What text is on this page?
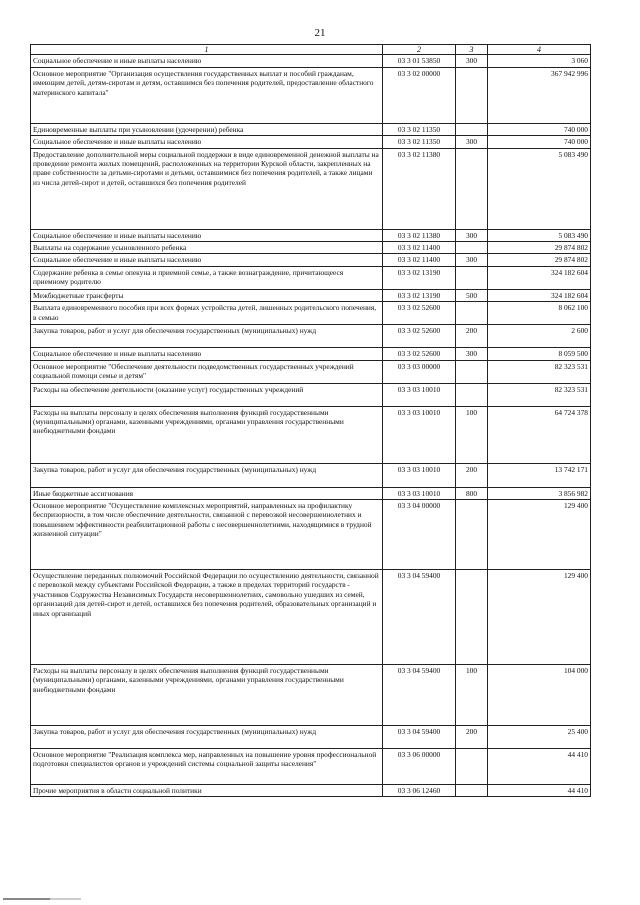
21
1	2	3	4
Социальное обеспечение и иные выплаты населению	03 3 01 53850	300	3 060
Основное мероприятие "Организация осуществления государственных выплат и пособий гражданам, имеющим детей, детям-сиротам и детям, оставшимся без попечения родителей, предоставление областного материнского капитала"	03 3 02 00000		367 942 996
Единовременные выплаты при усыновлении (удочерении) ребенка	03 3 02 11350		740 000
Социальное обеспечение и иные выплаты населению	03 3 02 11350	300	740 000
Предоставление дополнительной меры социальной поддержки в виде единовременной денежной выплаты на проведение ремонта жилых помещений, расположенных на территории Курской области, закрепленных на праве собственности за детьми-сиротами и детьми, оставшимися без попечения родителей, а также лицами из числа детей-сирот и детей, оставшихся без попечения родителей	03 3 02 11380		5 083 490
Социальное обеспечение и иные выплаты населению	03 3 02 11380	300	5 083 490
Выплаты на содержание усыновленного ребенка	03 3 02 11400		29 874 802
Социальное обеспечение и иные выплаты населению	03 3 02 11400	300	29 874 802
Содержание ребенка в семье опекуна и приемной семье, а также вознаграждение, причитающееся приемному родителю	03 3 02 13190		324 182 604
Межбюджетные трансферты	03 3 02 13190	500	324 182 604
Выплата единовременного пособия при всех формах устройства детей, лишенных родительского попечения, в семью	03 3 02 52600		8 062 100
Закупка товаров, работ и услуг для обеспечения государственных (муниципальных) нужд	03 3 02 52600	200	2 600
Социальное обеспечение и иные выплаты населению	03 3 02 52600	300	8 059 500
Основное мероприятие "Обеспечение деятельности подведомственных государственных учреждений социальной помощи семье и детям"	03 3 03 00000		82 323 531
Расходы на обеспечение деятельности (оказание услуг) государственных учреждений	03 3 03 10010		82 323 531
Расходы на выплаты персоналу в целях обеспечения выполнения функций государственными (муниципальными) органами, казенными учреждениями, органами управления государственными внебюджетными фондами	03 3 03 10010	100	64 724 378
Закупка товаров, работ и услуг для обеспечения государственных (муниципальных) нужд	03 3 03 10010	200	13 742 171
Иные бюджетные ассигнования	03 3 03 10010	800	3 856 982
Основное мероприятие "Осуществление комплексных мероприятий, направленных на профилактику беспризорности, в том числе обеспечение деятельности, связанной с перевозкой несовершеннолетних и повышением эффективности реабилитационной работы с несовершеннолетними, находящимися в трудной жизненной ситуации"	03 3 04 00000		129 400
Осуществление переданных полномочий Российской Федерации по осуществлению деятельности, связанной с перевозкой между субъектами Российской Федерации, а также в пределах территорий государств - участников Содружества Независимых Государств несовершеннолетних, самовольно ушедших из семей, организаций для детей-сирот и детей, оставшихся без попечения родителей, образовательных организаций и иных организаций	03 3 04 59400		129 400
Расходы на выплаты персоналу в целях обеспечения выполнения функций государственными (муниципальными) органами, казенными учреждениями, органами управления государственными внебюджетными фондами	03 3 04 59400	100	104 000
Закупка товаров, работ и услуг для обеспечения государственных (муниципальных) нужд	03 3 04 59400	200	25 400
Основное мероприятие "Реализация комплекса мер, направленных на повышение уровня профессиональной подготовки специалистов органов и учреждений системы социальной защиты населения"	03 3 06 00000		44 410
Прочие мероприятия в области социальной политики	03 3 06 12460		44 410
